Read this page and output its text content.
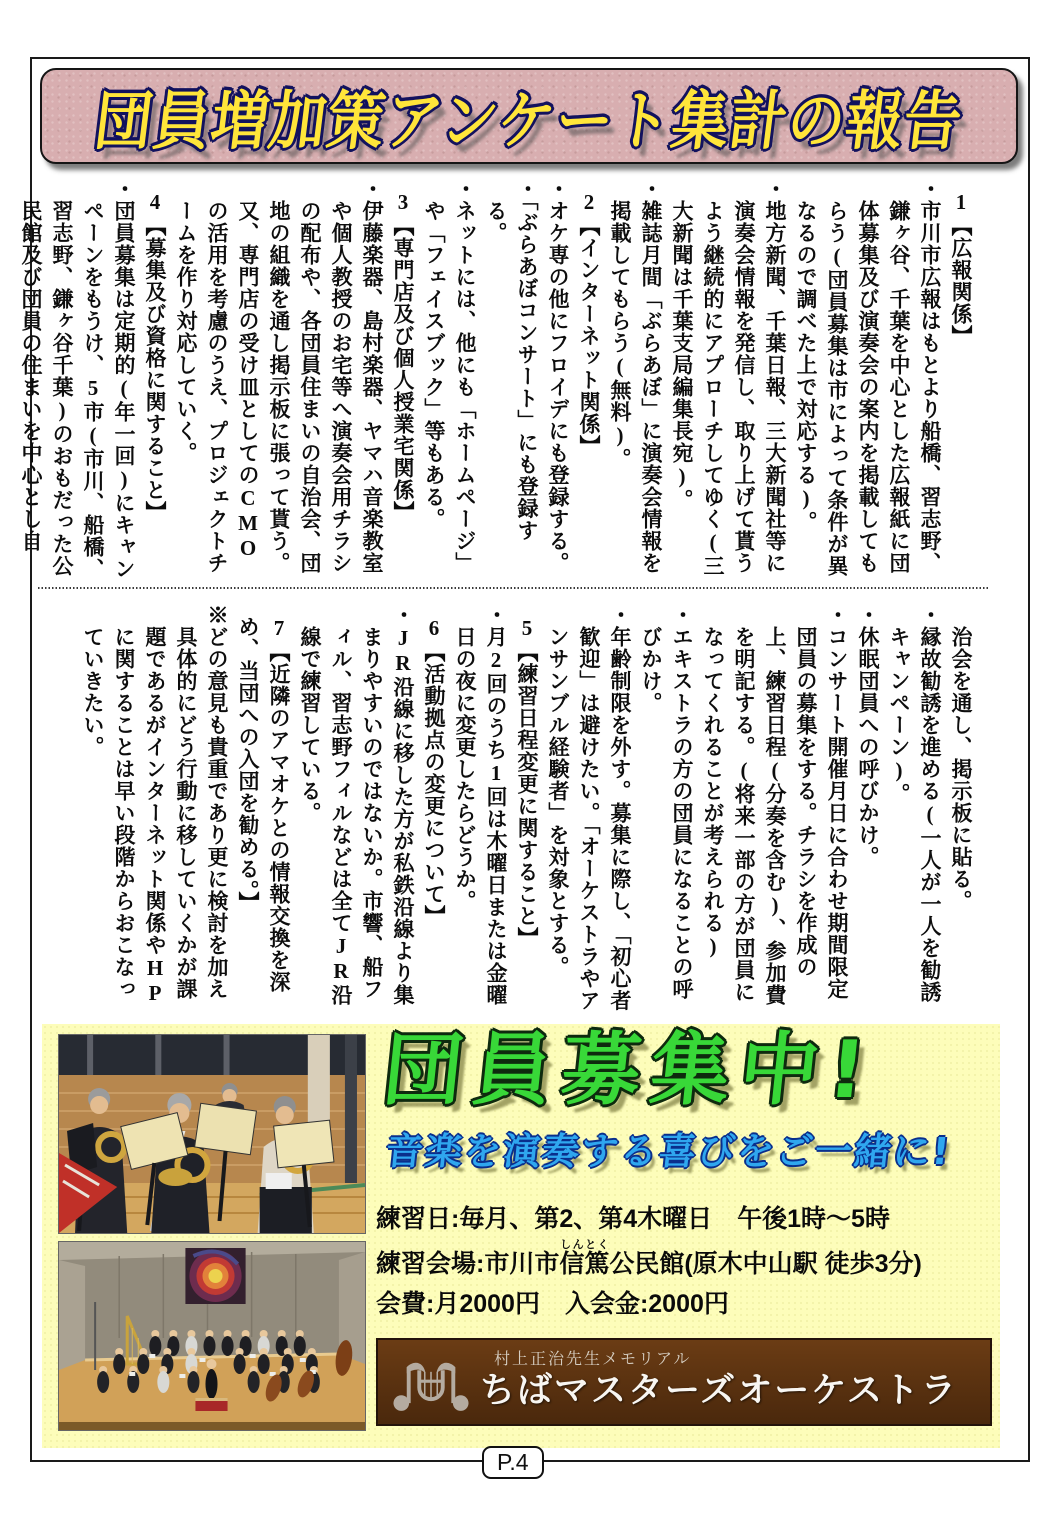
団員増加策アンケート集計の報告

1【広報関係】

・市川市広報はもとより船橋、習志野、鎌ヶ谷、千葉を中心とした広報紙に団体募集及び演奏会の案内を掲載してもらう(団員募集は市によって条件が異なるので調べた上で対応する)。

・地方新聞、千葉日報、三大新聞社等に演奏会情報を発信し、取り上げて貰うよう継続的にアプローチしてゆく(三大新聞は千葉支局編集長宛)。

・雑誌月間「ぶらあぼ」に演奏会情報を掲載してもらう(無料)。

2【インターネット関係】

・オケ専の他にフロイデにも登録する。

・「ぶらあぼコンサート」にも登録する。

・ネットには、他にも「ホームページ」や「フェイスブック」等もある。

3【専門店及び個人授業宅関係】

・伊藤楽器、島村楽器、ヤマハ音楽教室や個人教授のお宅等へ演奏会用チラシの配布や、各団員住まいの自治会、団地の組織を通し掲示板に張って貰う。又、専門店の受け皿としてのCMOの活用を考慮のうえ、プロジェクトチームを作り対応していく。

4【募集及び資格に関すること】

・団員募集は定期的(年一回)にキャンペーンをもうけ、5市(市川、船橋、習志野、鎌ヶ谷千葉)のおもだった公民館及び団員の住まいを中心とし自

治会を通し、掲示板に貼る。

・縁故勧誘を進める(一人が一人を勧誘キャンペーン)。

・休眠団員への呼びかけ。

・コンサート開催月日に合わせ期間限定団員の募集をする。チラシを作成の上、練習日程(分奏を含む)、参加費を明記する。(将来一部の方が団員になってくれることが考えられる)

・エキストラの方の団員になることの呼びかけ。

・年齢制限を外す。募集に際し、「初心者歓迎」は避けたい。「オーケストラやアンサンブル経験者」を対象とする。

5【練習日程変更に関すること】

・月2回のうち1回は木曜日または金曜日の夜に変更したらどうか。

6【活動拠点の変更について】

・JR沿線に移した方が私鉄沿線より集まりやすいのではないか。市響、船フィル、習志野フィルなどは全てJR沿線で練習している。

7【近隣のアマオケとの情報交換を深め、当団への入団を勧める。】

※どの意見も貴重であり更に検討を加え具体的にどう行動に移していくかが課題であるがインターネット関係やHPに関することは早い段階からおこなっていきたい。

団員募集中!
音楽を演奏する喜びをご一緒に!
練習日:毎月、第2、第4木曜日　午後1時〜5時
練習会場:市川市信篤しんとく公民館(原木中山駅 徒歩3分)
会費:月2000円　入会金:2000円
村上正治先生メモリアル
ちばマスターズオーケストラ
P.4
